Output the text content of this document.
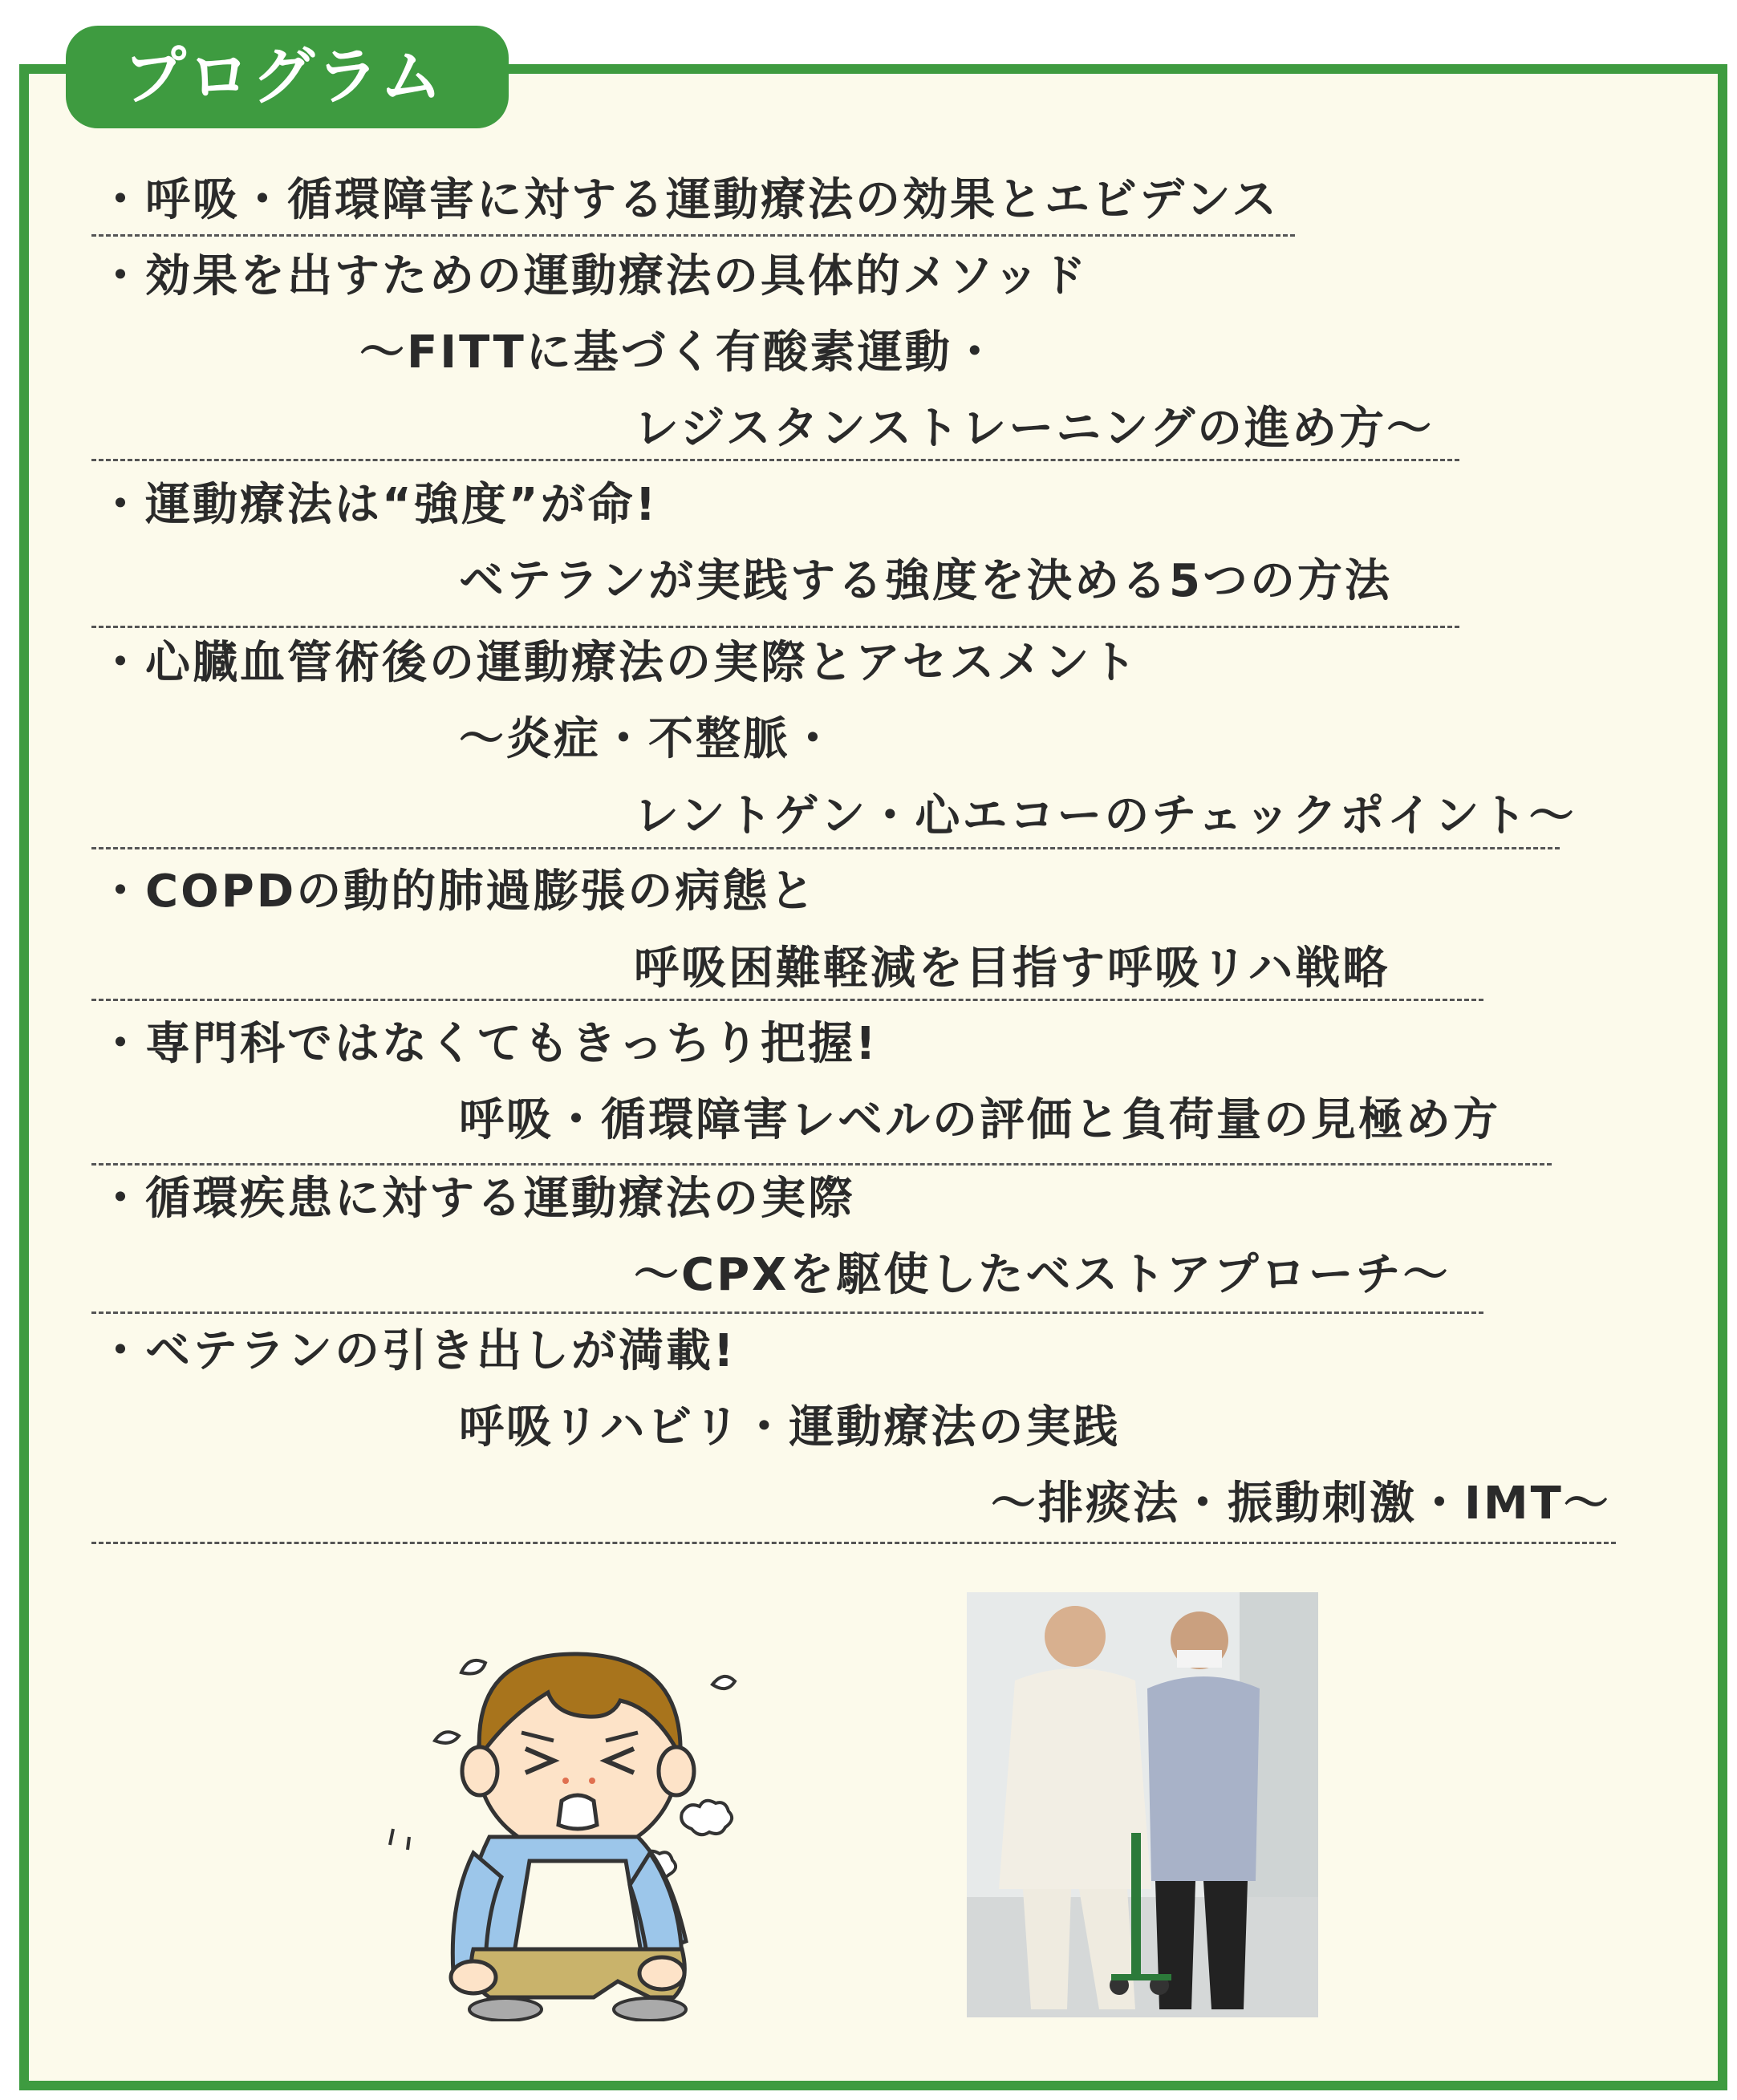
プログラム
・呼吸・循環障害に対する運動療法の効果とエビデンス
・効果を出すための運動療法の具体的メソッド
～FITTに基づく有酸素運動・
レジスタンストレーニングの進め方～
・運動療法は“強度”が命!
ベテランが実践する強度を決める5つの方法
・心臓血管術後の運動療法の実際とアセスメント
～炎症・不整脈・
レントゲン・心エコーのチェックポイント～
・COPDの動的肺過膨張の病態と
呼吸困難軽減を目指す呼吸リハ戦略
・専門科ではなくてもきっちり把握!
呼吸・循環障害レベルの評価と負荷量の見極め方
・循環疾患に対する運動療法の実際
～CPXを駆使したベストアプローチ～
・ベテランの引き出しが満載!
呼吸リハビリ・運動療法の実践
～排痰法・振動刺激・IMT～
